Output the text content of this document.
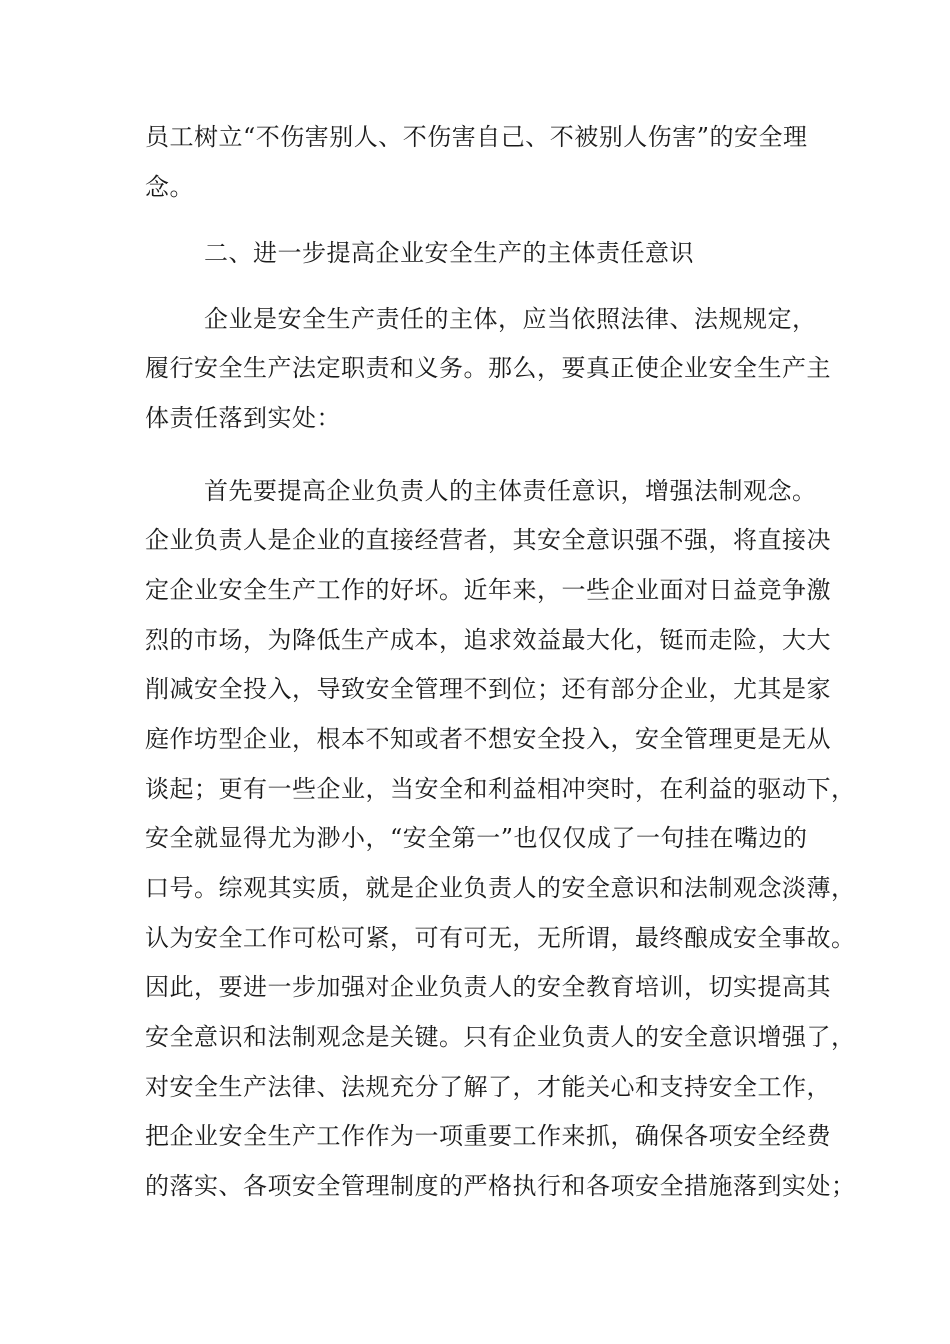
员工树立“不伤害别人、不伤害自己、不被别人伤害”的安全理
念。
二、进一步提高企业安全生产的主体责任意识
企业是安全生产责任的主体，应当依照法律、法规规定，
履行安全生产法定职责和义务。那么，要真正使企业安全生产主
体责任落到实处：
首先要提高企业负责人的主体责任意识，增强法制观念。
企业负责人是企业的直接经营者，其安全意识强不强，将直接决
定企业安全生产工作的好坏。近年来，一些企业面对日益竞争激
烈的市场，为降低生产成本，追求效益最大化，铤而走险，大大
削减安全投入，导致安全管理不到位；还有部分企业，尤其是家
庭作坊型企业，根本不知或者不想安全投入，安全管理更是无从
谈起；更有一些企业，当安全和利益相冲突时，在利益的驱动下，
安全就显得尤为渺小，“安全第一”也仅仅成了一句挂在嘴边的
口号。综观其实质，就是企业负责人的安全意识和法制观念淡薄，
认为安全工作可松可紧，可有可无，无所谓，最终酿成安全事故。
因此，要进一步加强对企业负责人的安全教育培训，切实提高其
安全意识和法制观念是关键。只有企业负责人的安全意识增强了，
对安全生产法律、法规充分了解了，才能关心和支持安全工作，
把企业安全生产工作作为一项重要工作来抓，确保各项安全经费
的落实、各项安全管理制度的严格执行和各项安全措施落到实处；
